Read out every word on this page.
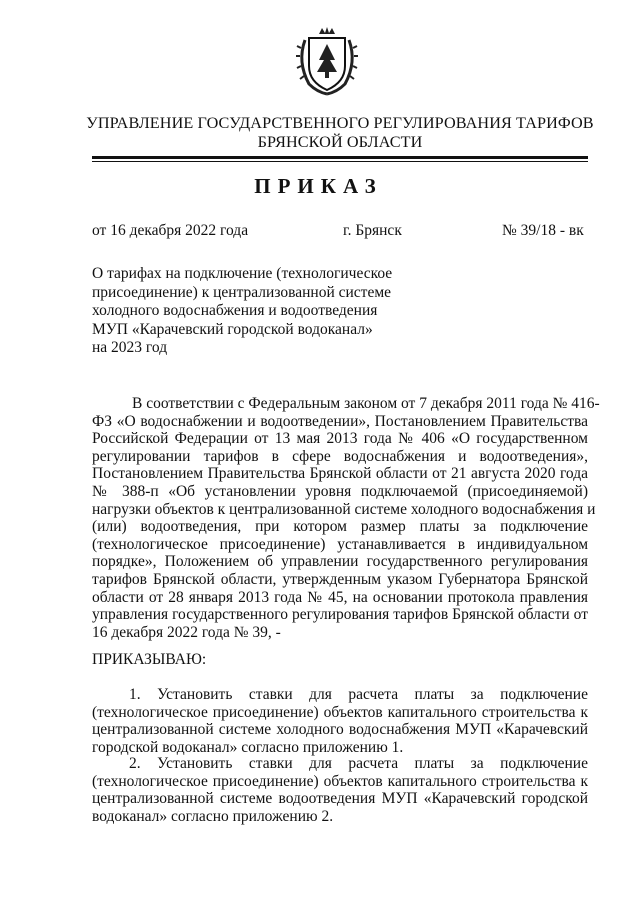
УПРАВЛЕНИЕ ГОСУДАРСТВЕННОГО РЕГУЛИРОВАНИЯ ТАРИФОВ
БРЯНСКОЙ ОБЛАСТИ
ПРИКАЗ
от 16 декабря 2022 года	г. Брянск	№ 39/18 - вк
О тарифах на подключение (технологическое
присоединение) к централизованной системе
холодного водоснабжения и водоотведения
МУП «Карачевский городской водоканал»
на 2023 год
В соответствии с Федеральным законом от 7 декабря 2011 года № 416-
ФЗ «О водоснабжении и водоотведении», Постановлением Правительства
Российской Федерации от 13 мая 2013 года № 406 «О государственном
регулировании тарифов в сфере водоснабжения и водоотведения»,
Постановлением Правительства Брянской области от 21 августа 2020 года
№ 388-п «Об установлении уровня подключаемой (присоединяемой)
нагрузки объектов к централизованной системе холодного водоснабжения и
(или) водоотведения, при котором размер платы за подключение
(технологическое присоединение) устанавливается в индивидуальном
порядке», Положением об управлении государственного регулирования
тарифов Брянской области, утвержденным указом Губернатора Брянской
области от 28 января 2013 года № 45, на основании протокола правления
управления государственного регулирования тарифов Брянской области от
16 декабря 2022 года № 39, -
ПРИКАЗЫВАЮ:
1. Установить ставки для расчета платы за подключение
(технологическое присоединение) объектов капитального строительства к
централизованной системе холодного водоснабжения МУП «Карачевский
городской водоканал» согласно приложению 1.
2. Установить ставки для расчета платы за подключение
(технологическое присоединение) объектов капитального строительства к
централизованной системе водоотведения МУП «Карачевский городской
водоканал» согласно приложению 2.
